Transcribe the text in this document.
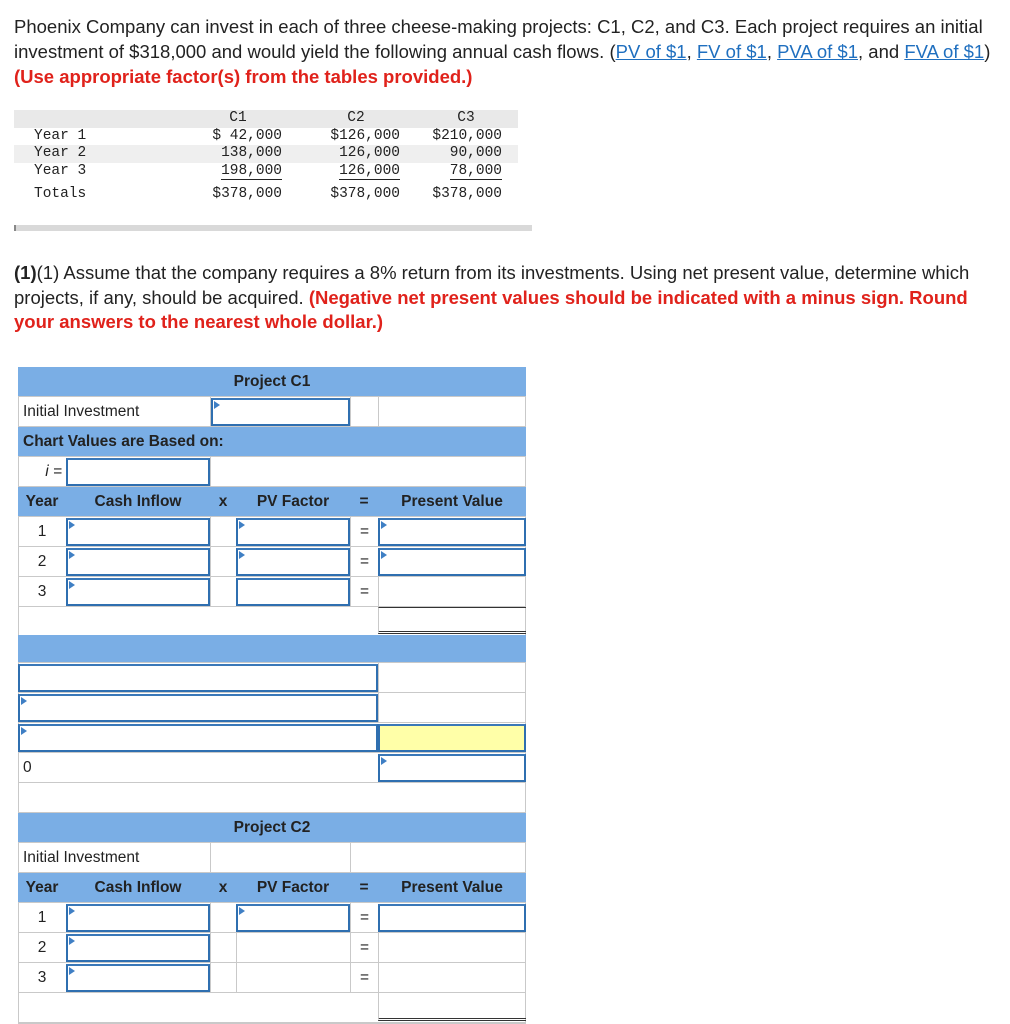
Phoenix Company can invest in each of three cheese-making projects: C1, C2, and C3. Each project requires an initial investment of $318,000 and would yield the following annual cash flows. (PV of $1, FV of $1, PVA of $1, and FVA of $1) (Use appropriate factor(s) from the tables provided.)
	C1	C2	C3
Year 1	$ 42,000	$126,000	$210,000
Year 2	138,000	126,000	90,000
Year 3	198,000	126,000	78,000
Totals	$378,000	$378,000	$378,000
(1)(1) Assume that the company requires a 8% return from its investments. Using net present value, determine which projects, if any, should be acquired. (Negative net present values should be indicated with a minus sign. Round your answers to the nearest whole dollar.)
Project C1
Initial Investment
Chart Values are Based on:
i =
Year	Cash Inflow	x	PV Factor	=	Present Value
1	=
2	=
3	=
0
Project C2
Initial Investment
Year	Cash Inflow	x	PV Factor	=	Present Value
1	=
2	=
3	=
